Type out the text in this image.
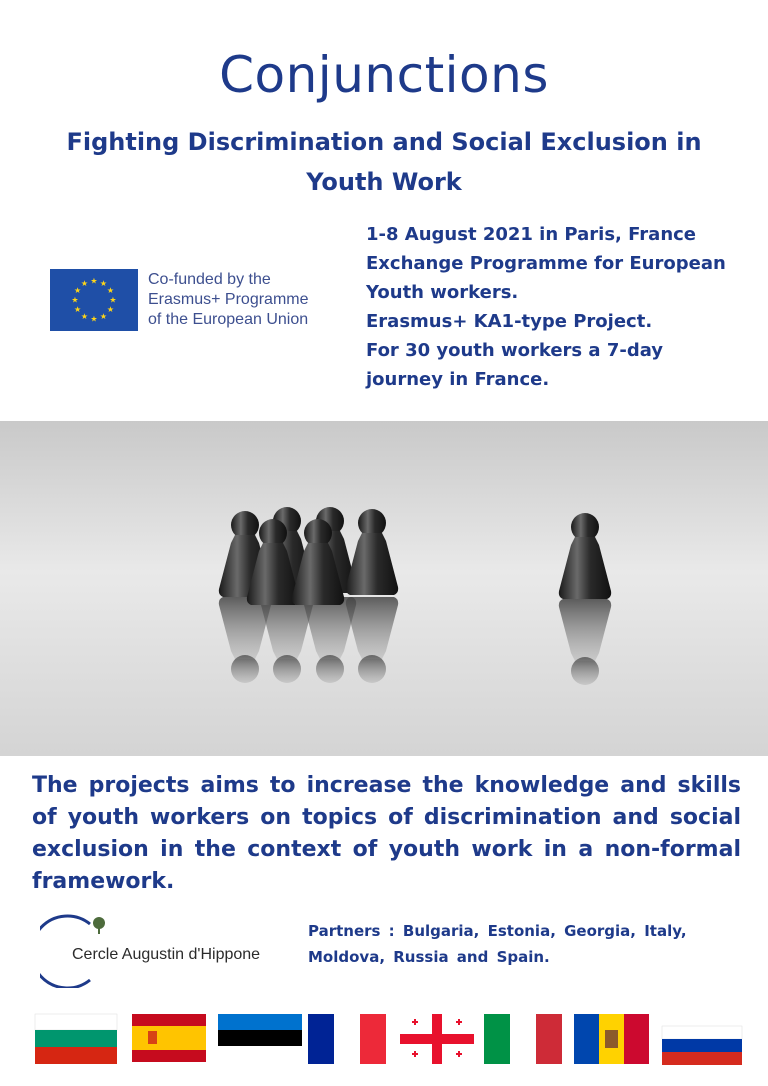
Conjunctions
Fighting Discrimination and Social Exclusion in Youth Work
★ ★
★
★
★
★
★
★
★
★
★
★	Co-funded by the
Erasmus+ Programme
of the European Union
1-8 August 2021 in Paris, France
Exchange Programme for European
Youth workers.
Erasmus+ KA1-type Project.
For 30 youth workers a 7-day
journey in France.
The projects aims to increase the knowledge and skills of youth workers on topics of discrimination and social exclusion in the context of youth work in a non-formal framework.
Cercle Augustin d'Hippone
Partners : Bulgaria, Estonia, Georgia, Italy, Moldova, Russia and Spain.
